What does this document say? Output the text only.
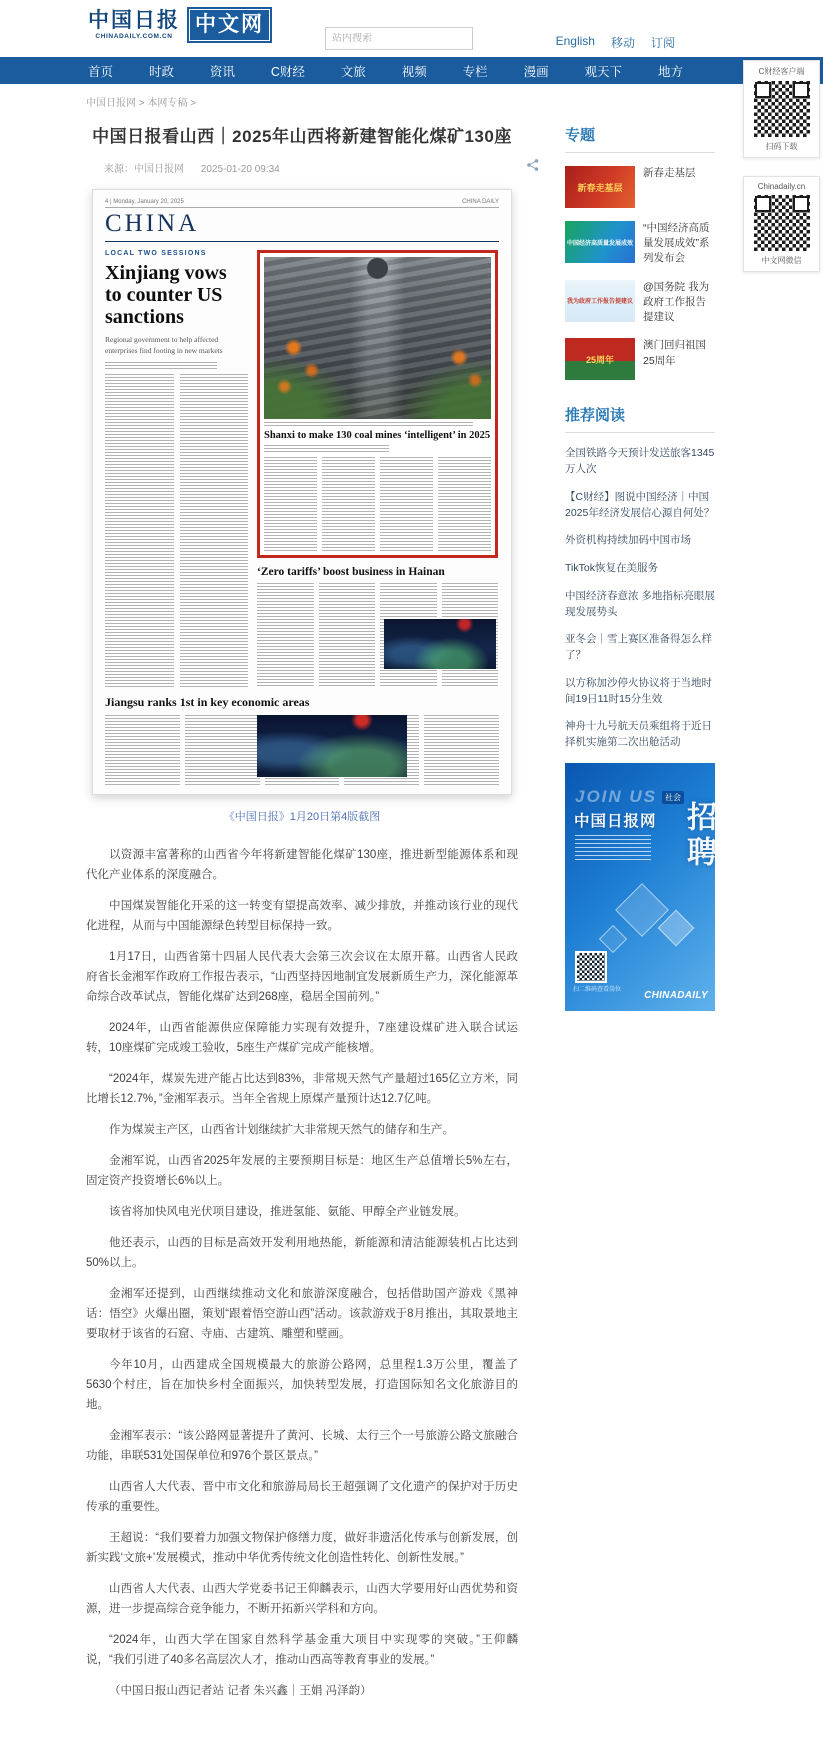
中国日报
CHINADAILY.COM.CN
中文网
站内搜索
English 移动 订阅
首页	时政	资讯	C财经	文旅	视频	专栏	漫画	观天下	地方	C财经客户端
扫码下载
Chinadaily.cn
中文网微信
中国日报网 > 本网专稿 >
中国日报看山西｜2025年山西将新建智能化煤矿130座
来源：中国日报网 2025-01-20 09:34
4 | Monday, January 20, 2025	CHINA DAILY
CHINA
LOCAL TWO SESSIONS
Xinjiang vows to counter US sanctions
Regional government to help affected enterprises find footing in new markets
Shanxi to make 130 coal mines ‘intelligent’ in 2025
‘Zero tariffs’ boost business in Hainan
Jiangsu ranks 1st in key economic areas
《中国日报》1月20日第4版截图

以资源丰富著称的山西省今年将新建智能化煤矿130座，推进新型能源体系和现代化产业体系的深度融合。

中国煤炭智能化开采的这一转变有望提高效率、减少排放，并推动该行业的现代化进程，从而与中国能源绿色转型目标保持一致。

1月17日，山西省第十四届人民代表大会第三次会议在太原开幕。山西省人民政府省长金湘军作政府工作报告表示，“山西坚持因地制宜发展新质生产力，深化能源革命综合改革试点，智能化煤矿达到268座，稳居全国前列。”

2024年，山西省能源供应保障能力实现有效提升，7座建设煤矿进入联合试运转，10座煤矿完成竣工验收，5座生产煤矿完成产能核增。

“2024年，煤炭先进产能占比达到83%，非常规天然气产量超过165亿立方米，同比增长12.7%，”金湘军表示。当年全省规上原煤产量预计达12.7亿吨。

作为煤炭主产区，山西省计划继续扩大非常规天然气的储存和生产。

金湘军说，山西省2025年发展的主要预期目标是：地区生产总值增长5%左右，固定资产投资增长6%以上。

该省将加快风电光伏项目建设，推进氢能、氨能、甲醇全产业链发展。

他还表示，山西的目标是高效开发利用地热能，新能源和清洁能源装机占比达到50%以上。

金湘军还提到，山西继续推动文化和旅游深度融合，包括借助国产游戏《黑神话：悟空》火爆出圈，策划“跟着悟空游山西”活动。该款游戏于8月推出，其取景地主要取材于该省的石窟、寺庙、古建筑、雕塑和壁画。

今年10月，山西建成全国规模最大的旅游公路网，总里程1.3万公里，覆盖了5630个村庄，旨在加快乡村全面振兴，加快转型发展，打造国际知名文化旅游目的地。

金湘军表示：“该公路网显著提升了黄河、长城、太行三个一号旅游公路文旅融合功能，串联531处国保单位和976个景区景点。”

山西省人大代表、晋中市文化和旅游局局长王超强调了文化遗产的保护对于历史传承的重要性。

王超说：“我们要着力加强文物保护修缮力度，做好非遗活化传承与创新发展，创新实践‘文旅+’发展模式，推动中华优秀传统文化创造性转化、创新性发展。”

山西省人大代表、山西大学党委书记王仰麟表示，山西大学要用好山西优势和资源，进一步提高综合竞争能力，不断开拓新兴学科和方向。

“2024年，山西大学在国家自然科学基金重大项目中实现零的突破。”王仰麟说，“我们引进了40多名高层次人才，推动山西高等教育事业的发展。”

（中国日报山西记者站 记者 朱兴鑫｜王娟 冯泽韵）

专题
新春走基层
新春走基层
中国经济高质量发展成效
“中国经济高质量发展成效”系列发布会
我为政府工作报告提建议
@国务院 我为政府工作报告提建议
25周年
澳门回归祖国25周年
推荐阅读
全国铁路今天预计发送旅客1345万人次
【C财经】图说中国经济｜中国2025年经济发展信心源自何处？
外资机构持续加码中国市场
TikTok恢复在美服务
中国经济春意浓 多地指标亮眼展现发展势头
亚冬会｜雪上赛区准备得怎么样了？
以方称加沙停火协议将于当地时间19日11时15分生效
神舟十九号航天员乘组将于近日择机实施第二次出舱活动
JOIN US
中国日报网
社会
招聘
扫二维码查看岗位 CHINADAILY
